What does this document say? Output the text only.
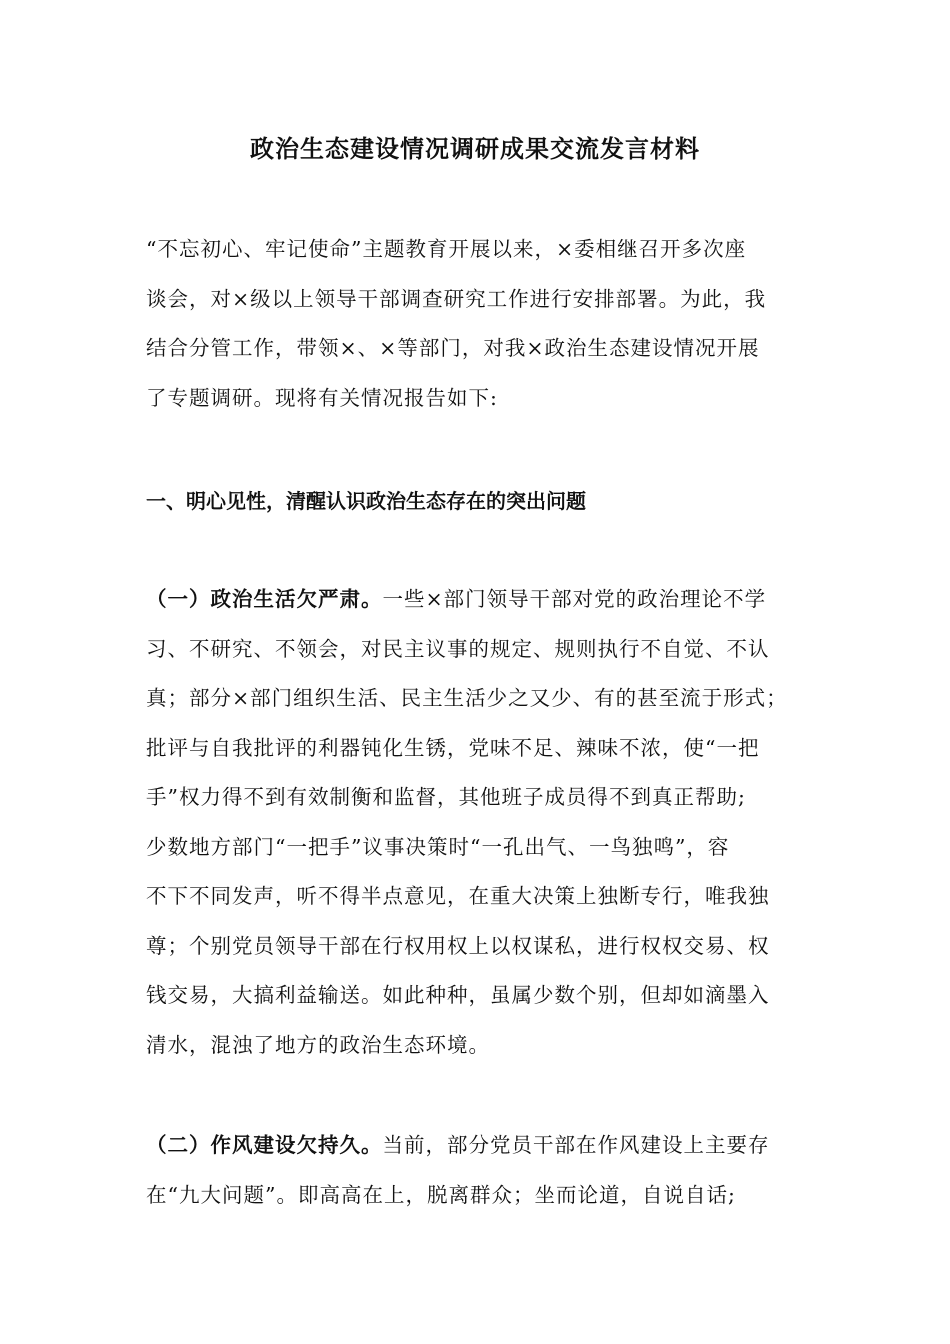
政治生态建设情况调研成果交流发言材料
“不忘初心、牢记使命”主题教育开展以来，×委相继召开多次座
谈会，对×级以上领导干部调查研究工作进行安排部署。为此，我
结合分管工作，带领×、×等部门，对我×政治生态建设情况开展
了专题调研。现将有关情况报告如下:
一、明心见性，清醒认识政治生态存在的突出问题
（一）政治生活欠严肃。一些×部门领导干部对党的政治理论不学
习、不研究、不领会，对民主议事的规定、规则执行不自觉、不认
真；部分×部门组织生活、民主生活少之又少、有的甚至流于形式；
批评与自我批评的利器钝化生锈，党味不足、辣味不浓，使“一把
手”权力得不到有效制衡和监督，其他班子成员得不到真正帮助;
少数地方部门“一把手”议事决策时“一孔出气、一鸟独鸣”，容
不下不同发声，听不得半点意见，在重大决策上独断专行，唯我独
尊；个别党员领导干部在行权用权上以权谋私，进行权权交易、权
钱交易，大搞利益输送。如此种种，虽属少数个别，但却如滴墨入
清水，混浊了地方的政治生态环境。
（二）作风建设欠持久。当前，部分党员干部在作风建设上主要存
在“九大问题”。即高高在上，脱离群众；坐而论道，自说自话;
